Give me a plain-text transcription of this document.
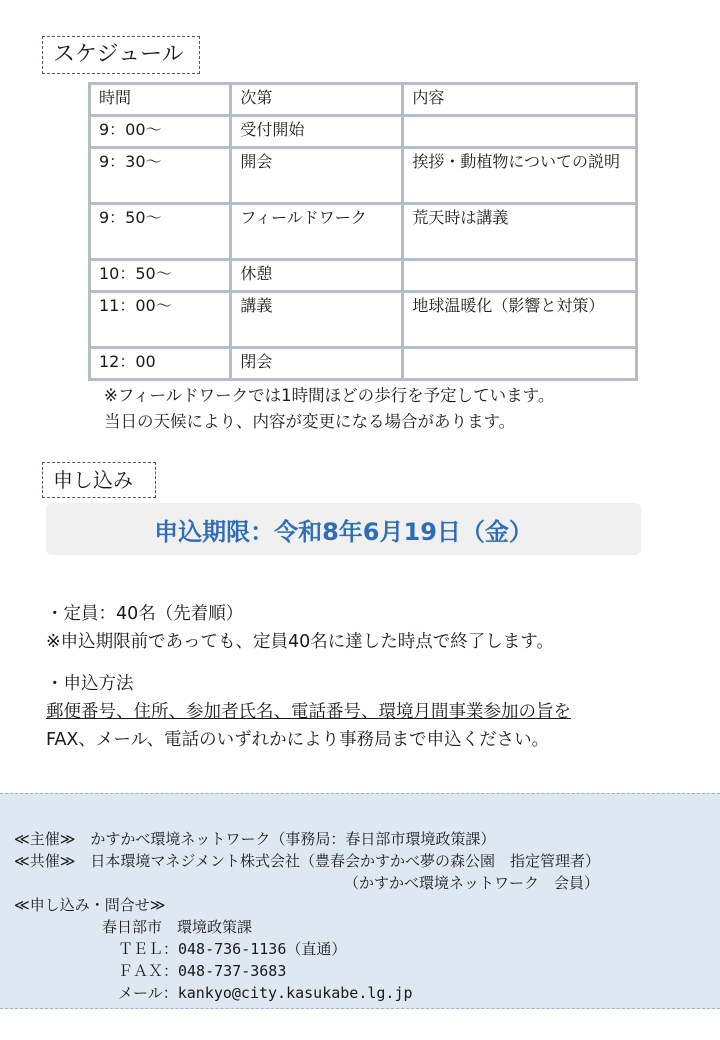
スケジュール
時間	次第	内容
9：00～	受付開始	
9：30～	開会	挨拶・動植物についての説明
9：50～	フィールドワーク	荒天時は講義
10：50～	休憩	
11：00～	講義	地球温暖化（影響と対策）
12：00	閉会	
※フィールドワークでは1時間ほどの歩行を予定しています。
当日の天候により、内容が変更になる場合があります。
申し込み
申込期限：令和8年6月19日（金）
・定員：40名（先着順）
※申込期限前であっても、定員40名に達した時点で終了します。
・申込方法
郵便番号、住所、参加者氏名、電話番号、環境月間事業参加の旨を
FAX、メール、電話のいずれかにより事務局まで申込ください。
≪主催≫　かすかべ環境ネットワーク（事務局：春日部市環境政策課）
≪共催≫　日本環境マネジメント株式会社（豊春会かすかべ夢の森公園　指定管理者）
（かすかべ環境ネットワーク　会員）
≪申し込み・問合せ≫
春日部市　環境政策課
ＴＥＬ：048-736-1136（直通）
ＦＡＸ：048-737-3683
メール：kankyo@city.kasukabe.lg.jp
